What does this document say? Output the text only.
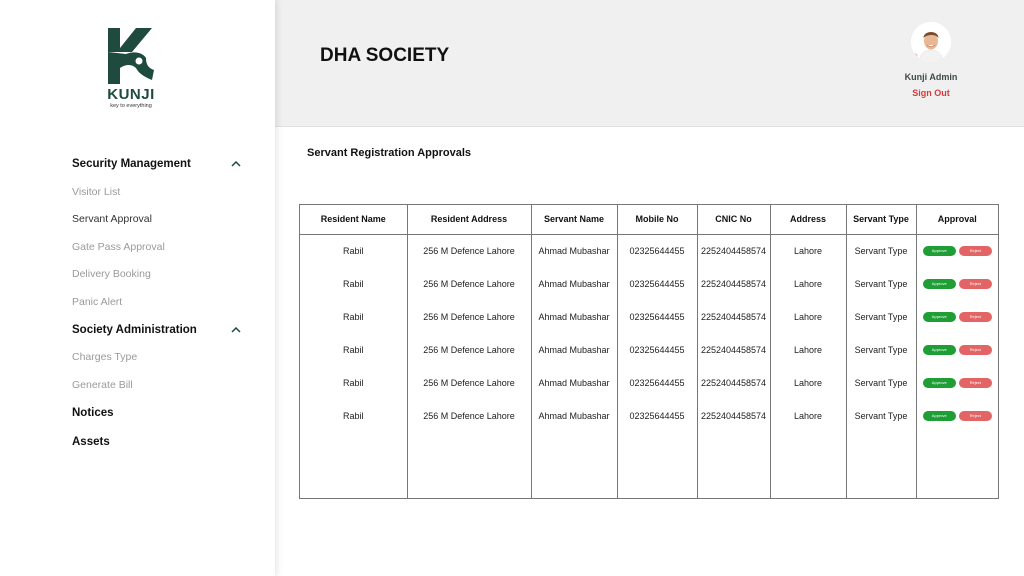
KUNJI
key to everything
Security Management
Visitor List
Servant Approval
Gate Pass Approval
Delivery Booking
Panic Alert
Society Administration
Charges Type
Generate Bill
Notices
Assets
DHA SOCIETY
Kunji Admin
Sign Out
Servant Registration Approvals
Resident Name	Resident Address	Servant Name	Mobile No	CNIC No	Address	Servant Type	Approval
Rabil	256 M Defence Lahore	Ahmad Mubashar	02325644455	2252404458574	Lahore	Servant Type	Approve Reject
Rabil	256 M Defence Lahore	Ahmad Mubashar	02325644455	2252404458574	Lahore	Servant Type	Approve Reject
Rabil	256 M Defence Lahore	Ahmad Mubashar	02325644455	2252404458574	Lahore	Servant Type	Approve Reject
Rabil	256 M Defence Lahore	Ahmad Mubashar	02325644455	2252404458574	Lahore	Servant Type	Approve Reject
Rabil	256 M Defence Lahore	Ahmad Mubashar	02325644455	2252404458574	Lahore	Servant Type	Approve Reject
Rabil	256 M Defence Lahore	Ahmad Mubashar	02325644455	2252404458574	Lahore	Servant Type	Approve Reject
